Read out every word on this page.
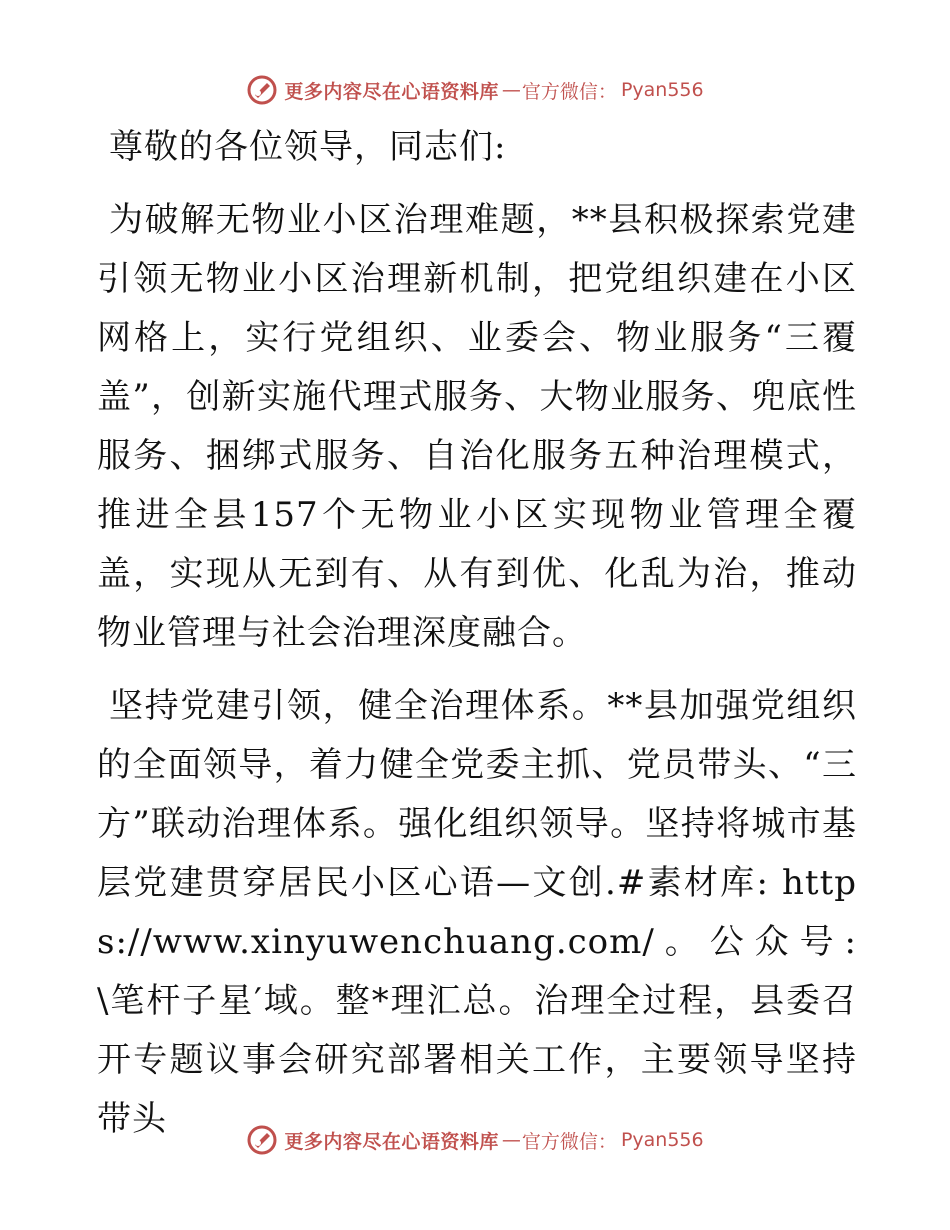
更多内容尽在心语资料库 — 官方微信： Pyan556

尊敬的各位领导，同志们:

为破解无物业小区治理难题，**县积极探索党建引领无物业小区治理新机制，把党组织建在小区网格上，实行党组织、业委会、物业服务“三覆盖”，创新实施代理式服务、大物业服务、兜底性服务、捆绑式服务、自治化服务五种治理模式，推进全县157个无物业小区实现物业管理全覆盖，实现从无到有、从有到优、化乱为治，推动物业管理与社会治理深度融合。

坚持党建引领，健全治理体系。**县加强党组织的全面领导，着力健全党委主抓、党员带头、“三方”联动治理体系。强化组织领导。坚持将城市基层党建贯穿居民小区心语—文创.#素材库: https://www.xinyuwenchuang.com/。公众号: \笔杆子星′域。整*理汇总。治理全过程，县委召开专题议事会研究部署相关工作，主要领导坚持带头

更多内容尽在心语资料库 — 官方微信： Pyan556
